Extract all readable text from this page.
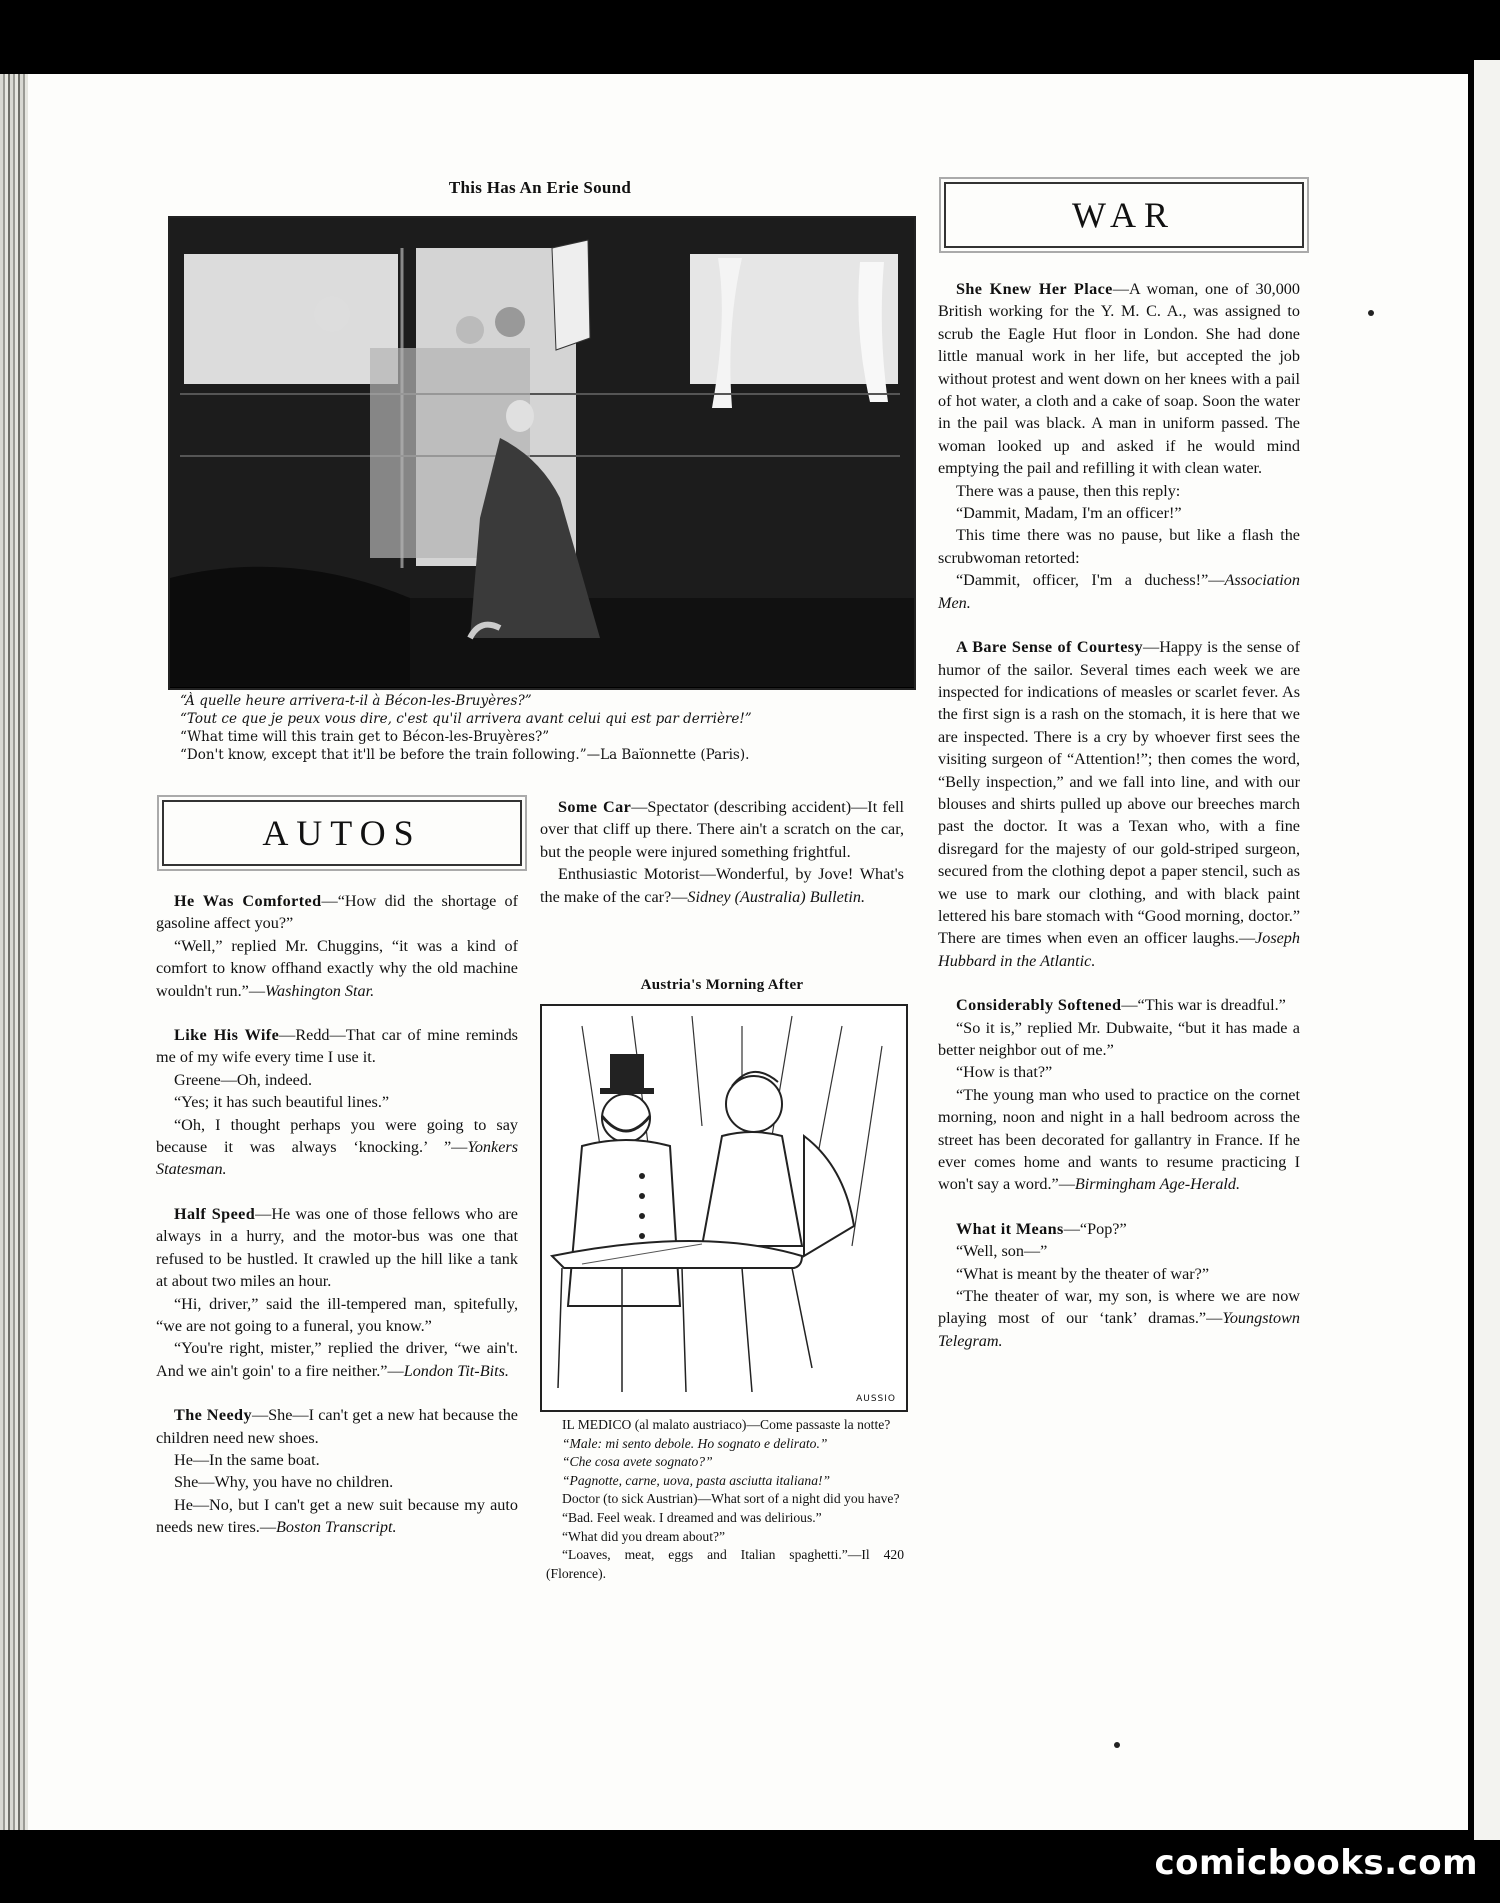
This Has An Erie Sound
“À quelle heure arrivera-t-il à Bécon-les-Bruyères?”
“Tout ce que je peux vous dire, c'est qu'il arrivera avant celui qui est par derrière!”
“What time will this train get to Bécon-les-Bruyères?”
“Don't know, except that it'll be before the train following.”—La Baïonnette (Paris).
AUTOS

He Was Comforted—“How did the shortage of gasoline affect you?”

“Well,” replied Mr. Chuggins, “it was a kind of comfort to know offhand exactly why the old machine wouldn't run.”—Washington Star.

Like His Wife—Redd—That car of mine reminds me of my wife every time I use it.

Greene—Oh, indeed.

“Yes; it has such beautiful lines.”

“Oh, I thought perhaps you were going to say because it was always ‘knocking.’ ”—Yonkers Statesman.

Half Speed—He was one of those fellows who are always in a hurry, and the motor-bus was one that refused to be hustled. It crawled up the hill like a tank at about two miles an hour.

“Hi, driver,” said the ill-tempered man, spitefully, “we are not going to a funeral, you know.”

“You're right, mister,” replied the driver, “we ain't. And we ain't goin' to a fire neither.”—London Tit-Bits.

The Needy—She—I can't get a new hat because the children need new shoes.

He—In the same boat.

She—Why, you have no children.

He—No, but I can't get a new suit because my auto needs new tires.—Boston Transcript.

Some Car—Spectator (describing accident)—It fell over that cliff up there. There ain't a scratch on the car, but the people were injured something frightful.

Enthusiastic Motorist—Wonderful, by Jove! What's the make of the car?—Sidney (Australia) Bulletin.

Austria's Morning After
AUSSIO

IL MEDICO (al malato austriaco)—Come passaste la notte?

“Male: mi sento debole. Ho sognato e delirato.”

“Che cosa avete sognato?”

“Pagnotte, carne, uova, pasta asciutta italiana!”

Doctor (to sick Austrian)—What sort of a night did you have?

“Bad. Feel weak. I dreamed and was delirious.”

“What did you dream about?”

“Loaves, meat, eggs and Italian spaghetti.”—Il 420 (Florence).

WAR

She Knew Her Place—A woman, one of 30,000 British working for the Y. M. C. A., was assigned to scrub the Eagle Hut floor in London. She had done little manual work in her life, but accepted the job without protest and went down on her knees with a pail of hot water, a cloth and a cake of soap. Soon the water in the pail was black. A man in uniform passed. The woman looked up and asked if he would mind emptying the pail and refilling it with clean water.

There was a pause, then this reply:

“Dammit, Madam, I'm an officer!”

This time there was no pause, but like a flash the scrubwoman retorted:

“Dammit, officer, I'm a duchess!”—Association Men.

A Bare Sense of Courtesy—Happy is the sense of humor of the sailor. Several times each week we are inspected for indications of measles or scarlet fever. As the first sign is a rash on the stomach, it is here that we are inspected. There is a cry by whoever first sees the visiting surgeon of “Attention!”; then comes the word, “Belly inspection,” and we fall into line, and with our blouses and shirts pulled up above our breeches march past the doctor. It was a Texan who, with a fine disregard for the majesty of our gold-striped surgeon, secured from the clothing depot a paper stencil, such as we use to mark our clothing, and with black paint lettered his bare stomach with “Good morning, doctor.” There are times when even an officer laughs.—Joseph Hubbard in the Atlantic.

Considerably Softened—“This war is dreadful.”

“So it is,” replied Mr. Dubwaite, “but it has made a better neighbor out of me.”

“How is that?”

“The young man who used to practice on the cornet morning, noon and night in a hall bedroom across the street has been decorated for gallantry in France. If he ever comes home and wants to resume practicing I won't say a word.”—Birmingham Age-Herald.

What it Means—“Pop?”

“Well, son—”

“What is meant by the theater of war?”

“The theater of war, my son, is where we are now playing most of our ‘tank’ dramas.”—Youngstown Telegram.

comicbooks.com
